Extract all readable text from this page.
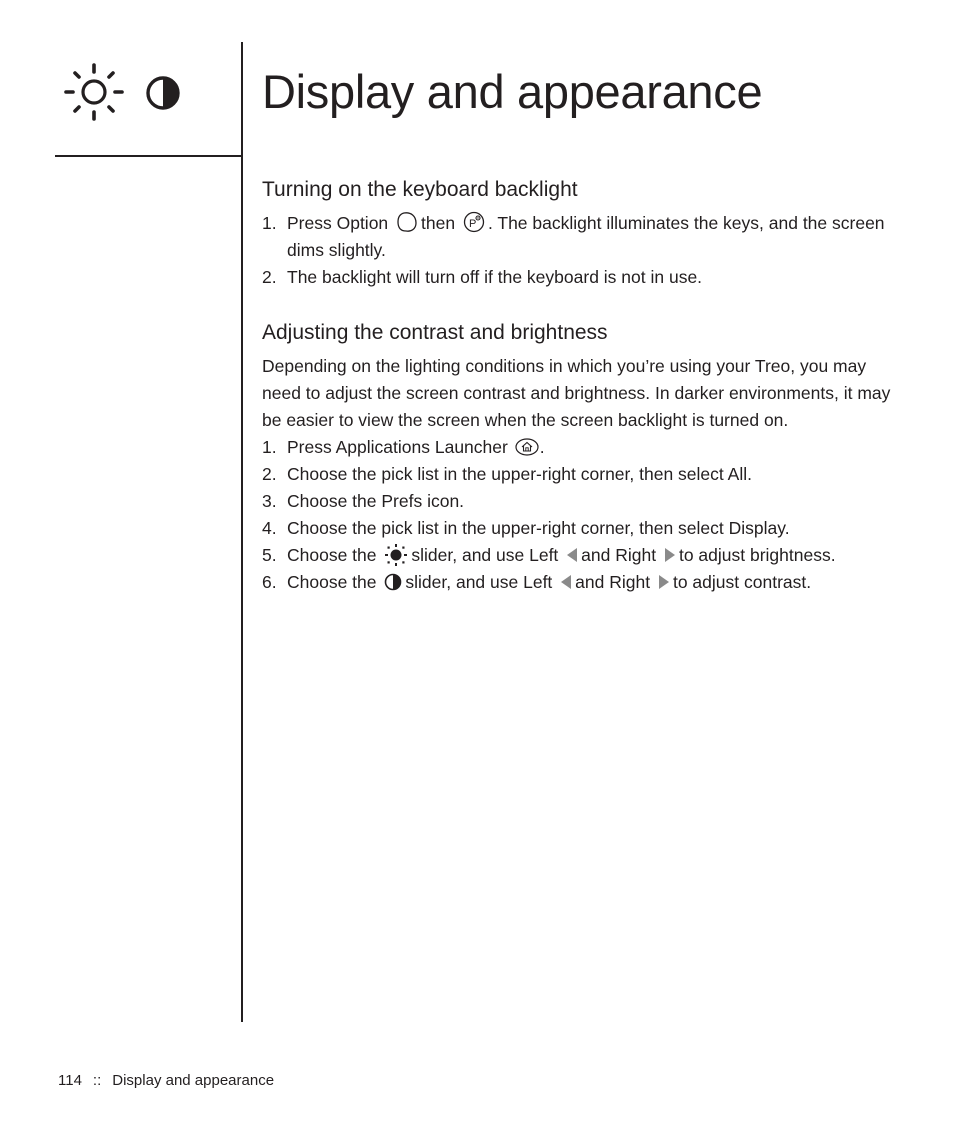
Display and appearance
Turning on the keyboard backlight
1. Press Option then P . The backlight illuminates the keys, and the screen dims slightly.
2. The backlight will turn off if the keyboard is not in use.
Adjusting the contrast and brightness

Depending on the lighting conditions in which you’re using your Treo, you may need to adjust the screen contrast and brightness. In darker environments, it may be easier to view the screen when the screen backlight is turned on.

1. Press Applications Launcher .
2. Choose the pick list in the upper-right corner, then select All.
3. Choose the Prefs icon.
4. Choose the pick list in the upper-right corner, then select Display.
5. Choose the slider, and use Left and Right to adjust brightness.
6. Choose the slider, and use Left and Right to adjust contrast.
114 :: Display and appearance
